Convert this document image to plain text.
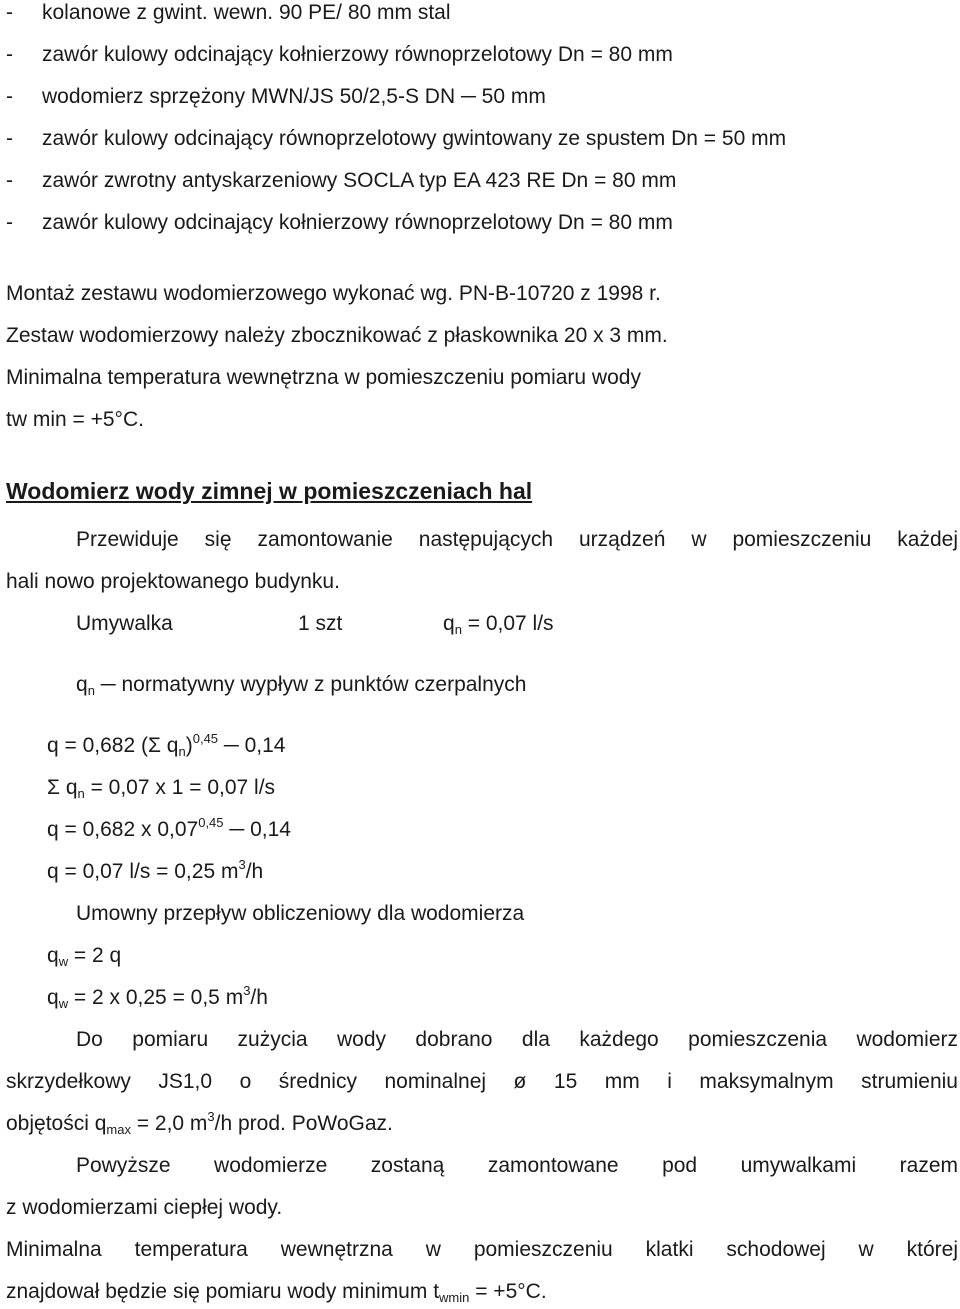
- kolanowe z gwint. wewn. 90 PE/ 80 mm stal
- zawór kulowy odcinający kołnierzowy równoprzelotowy Dn = 80 mm
- wodomierz sprzężony MWN/JS 50/2,5-S DN ─ 50 mm
- zawór kulowy odcinający równoprzelotowy gwintowany ze spustem Dn = 50 mm
- zawór zwrotny antyskarzeniowy SOCLA typ EA 423 RE Dn = 80 mm
- zawór kulowy odcinający kołnierzowy równoprzelotowy Dn = 80 mm
Montaż zestawu wodomierzowego wykonać wg. PN-B-10720 z 1998 r.
Zestaw wodomierzowy należy zbocznikować z płaskownika 20 x 3 mm.
Minimalna temperatura wewnętrzna w pomieszczeniu pomiaru wody
tw min = +5°C.
Wodomierz wody zimnej w pomieszczeniach hal
Przewiduje się zamontowanie następujących urządzeń w pomieszczeniu każdej
hali nowo projektowanego budynku.
Umywalka	1 szt	$q_n = 0,07$ l/s
$q_n$ ─ normatywny wypływ z punktów czerpalnych
q = 0,682 (Σ $q_n)^{0,45}$ ─ 0,14
Σ $q_n = 0,07$ x 1 = 0,07 l/s
q = 0,682 x 0,07$^{0,45}$ ─ 0,14
q = 0,07 l/s = 0,25 $m^3/h$
Umowny przepływ obliczeniowy dla wodomierza
$q_w = 2$ q
$q_w = 2$ x 0,25 = 0,5 $m^3/h$
Do pomiaru zużycia wody dobrano dla każdego pomieszczenia wodomierz
skrzydełkowy JS1,0 o średnicy nominalnej ø 15 mm i maksymalnym strumieniu
objętości $q_{max} = 2,0$ $m^3/h$ prod. PoWoGaz.
Powyższe wodomierze zostaną zamontowane pod umywalkami razem
z wodomierzami ciepłej wody.
Minimalna temperatura wewnętrzna w pomieszczeniu klatki schodowej w której
znajdował będzie się pomiaru wody minimum $t_{wmin} = +5^\circ C$.
